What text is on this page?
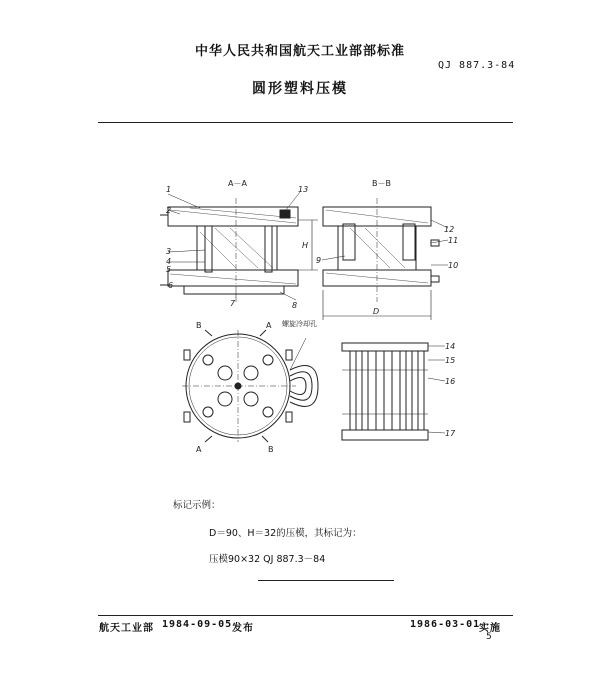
中华人民共和国航天工业部部标准
QJ 887.3-84
圆形塑料压模
A－A	B－B
H
D
螺旋冷却孔
B	A
A	B
1
2
3
4
5
6
7	8
9
10
11
12
13
14
15
16
17
标记示例：
D＝90、H＝32的压模，其标记为：
压模90×32 QJ 887.3－84
航天工业部 1984-09-05 发布	1986-03-01
实施
5
